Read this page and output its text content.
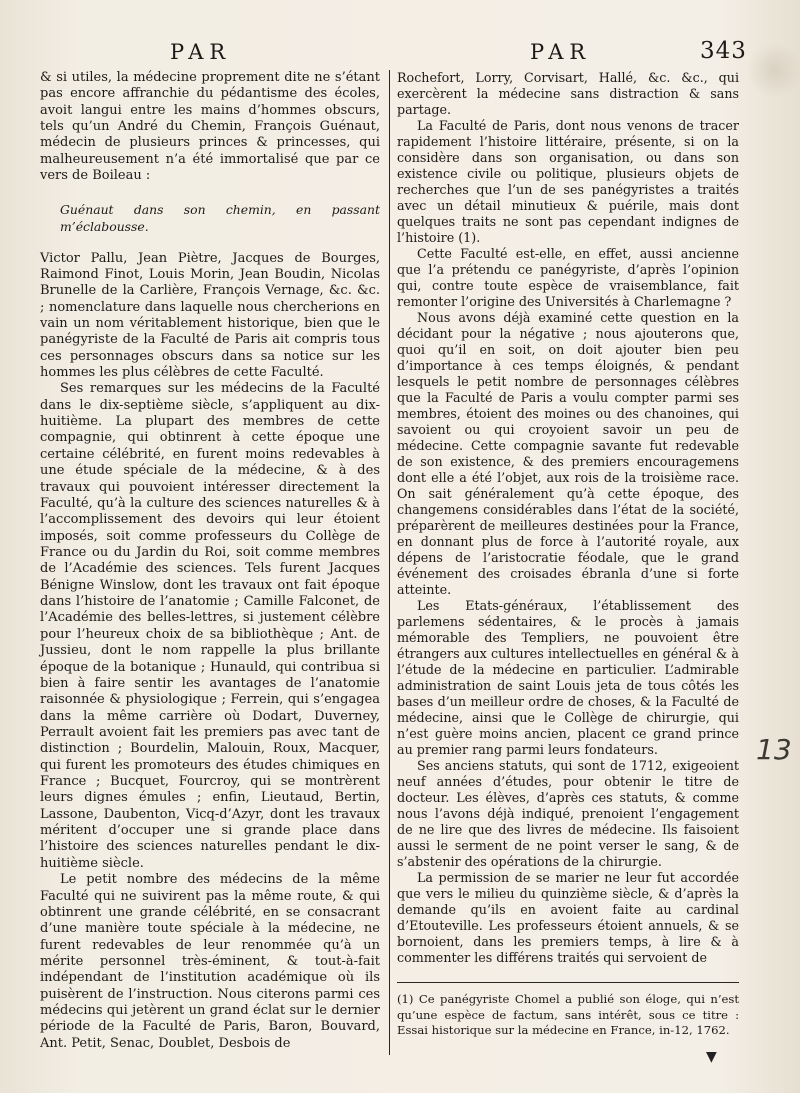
PAR	PAR	343

& si utiles, la médecine proprement dite ne s’étant pas encore affranchie du pédantisme des écoles, avoit langui entre les mains d’hommes obscurs, tels qu’un André du Chemin, François Guénaut, médecin de plusieurs princes & princesses, qui malheureusement n’a été immortalisé que par ce vers de Boileau :

Guénaut dans son chemin, en passant m’éclabousse.

Victor Pallu, Jean Piètre, Jacques de Bourges, Raimond Finot, Louis Morin, Jean Boudin, Nicolas Brunelle de la Carlière, François Vernage, &c. &c. ; nomenclature dans laquelle nous chercherions en vain un nom véritablement historique, bien que le panégyriste de la Faculté de Paris ait compris tous ces personnages obscurs dans sa notice sur les hommes les plus célèbres de cette Faculté.

Ses remarques sur les médecins de la Faculté dans le dix-septième siècle, s’appliquent au dix-huitième. La plupart des membres de cette compagnie, qui obtinrent à cette époque une certaine célébrité, en furent moins redevables à une étude spéciale de la médecine, & à des travaux qui pouvoient intéresser directement la Faculté, qu’à la culture des sciences naturelles & à l’accomplissement des devoirs qui leur étoient imposés, soit comme professeurs du Collège de France ou du Jardin du Roi, soit comme membres de l’Académie des sciences. Tels furent Jacques Bénigne Winslow, dont les travaux ont fait époque dans l’histoire de l’anatomie ; Camille Falconet, de l’Académie des belles-lettres, si justement célèbre pour l’heureux choix de sa bibliothèque ; Ant. de Jussieu, dont le nom rappelle la plus brillante époque de la botanique ; Hunauld, qui contribua si bien à faire sentir les avantages de l’anatomie raisonnée & physiologique ; Ferrein, qui s’engagea dans la même carrière où Dodart, Duverney, Perrault avoient fait les premiers pas avec tant de distinction ; Bourdelin, Malouin, Roux, Macquer, qui furent les promoteurs des études chimiques en France ; Bucquet, Fourcroy, qui se montrèrent leurs dignes émules ; enfin, Lieutaud, Bertin, Lassone, Daubenton, Vicq-d’Azyr, dont les travaux méritent d’occuper une si grande place dans l’histoire des sciences naturelles pendant le dix-huitième siècle.

Le petit nombre des médecins de la même Faculté qui ne suivirent pas la même route, & qui obtinrent une grande célébrité, en se consacrant d’une manière toute spéciale à la médecine, ne furent redevables de leur renommée qu’à un mérite personnel très-éminent, & tout-à-fait indépendant de l’institution académique où ils puisèrent de l’instruction. Nous citerons parmi ces médecins qui jetèrent un grand éclat sur le dernier période de la Faculté de Paris, Baron, Bouvard, Ant. Petit, Senac, Doublet, Desbois de

Rochefort, Lorry, Corvisart, Hallé, &c. &c., qui exercèrent la médecine sans distraction & sans partage.

La Faculté de Paris, dont nous venons de tracer rapidement l’histoire littéraire, présente, si on la considère dans son organisation, ou dans son existence civile ou politique, plusieurs objets de recherches que l’un de ses panégyristes a traités avec un détail minutieux & puérile, mais dont quelques traits ne sont pas cependant indignes de l’histoire (1).

Cette Faculté est-elle, en effet, aussi ancienne que l’a prétendu ce panégyriste, d’après l’opinion qui, contre toute espèce de vraisemblance, fait remonter l’origine des Universités à Charlemagne ?

Nous avons déjà examiné cette question en la décidant pour la négative ; nous ajouterons que, quoi qu’il en soit, on doit ajouter bien peu d’importance à ces temps éloignés, & pendant lesquels le petit nombre de personnages célèbres que la Faculté de Paris a voulu compter parmi ses membres, étoient des moines ou des chanoines, qui savoient ou qui croyoient savoir un peu de médecine. Cette compagnie savante fut redevable de son existence, & des premiers encouragemens dont elle a été l’objet, aux rois de la troisième race. On sait généralement qu’à cette époque, des changemens considérables dans l’état de la société, préparèrent de meilleures destinées pour la France, en donnant plus de force à l’autorité royale, aux dépens de l’aristocratie féodale, que le grand événement des croisades ébranla d’une si forte atteinte.

Les Etats-généraux, l’établissement des parlemens sédentaires, & le procès à jamais mémorable des Templiers, ne pouvoient être étrangers aux cultures intellectuelles en général & à l’étude de la médecine en particulier. L’admirable administration de saint Louis jeta de tous côtés les bases d’un meilleur ordre de choses, & la Faculté de médecine, ainsi que le Collège de chirurgie, qui n’est guère moins ancien, placent ce grand prince au premier rang parmi leurs fondateurs.

Ses anciens statuts, qui sont de 1712, exigeoient neuf années d’études, pour obtenir le titre de docteur. Les élèves, d’après ces statuts, & comme nous l’avons déjà indiqué, prenoient l’engagement de ne lire que des livres de médecine. Ils faisoient aussi le serment de ne point verser le sang, & de s’abstenir des opérations de la chirurgie.

La permission de se marier ne leur fut accordée que vers le milieu du quinzième siècle, & d’après la demande qu’ils en avoient faite au cardinal d’Etouteville. Les professeurs étoient annuels, & se bornoient, dans les premiers temps, à lire & à commenter les différens traités qui servoient de

(1) Ce panégyriste Chomel a publié son éloge, qui n’est qu’une espèce de factum, sans intérêt, sous ce titre : Essai historique sur la médecine en France, in-12, 1762.

13
▼
